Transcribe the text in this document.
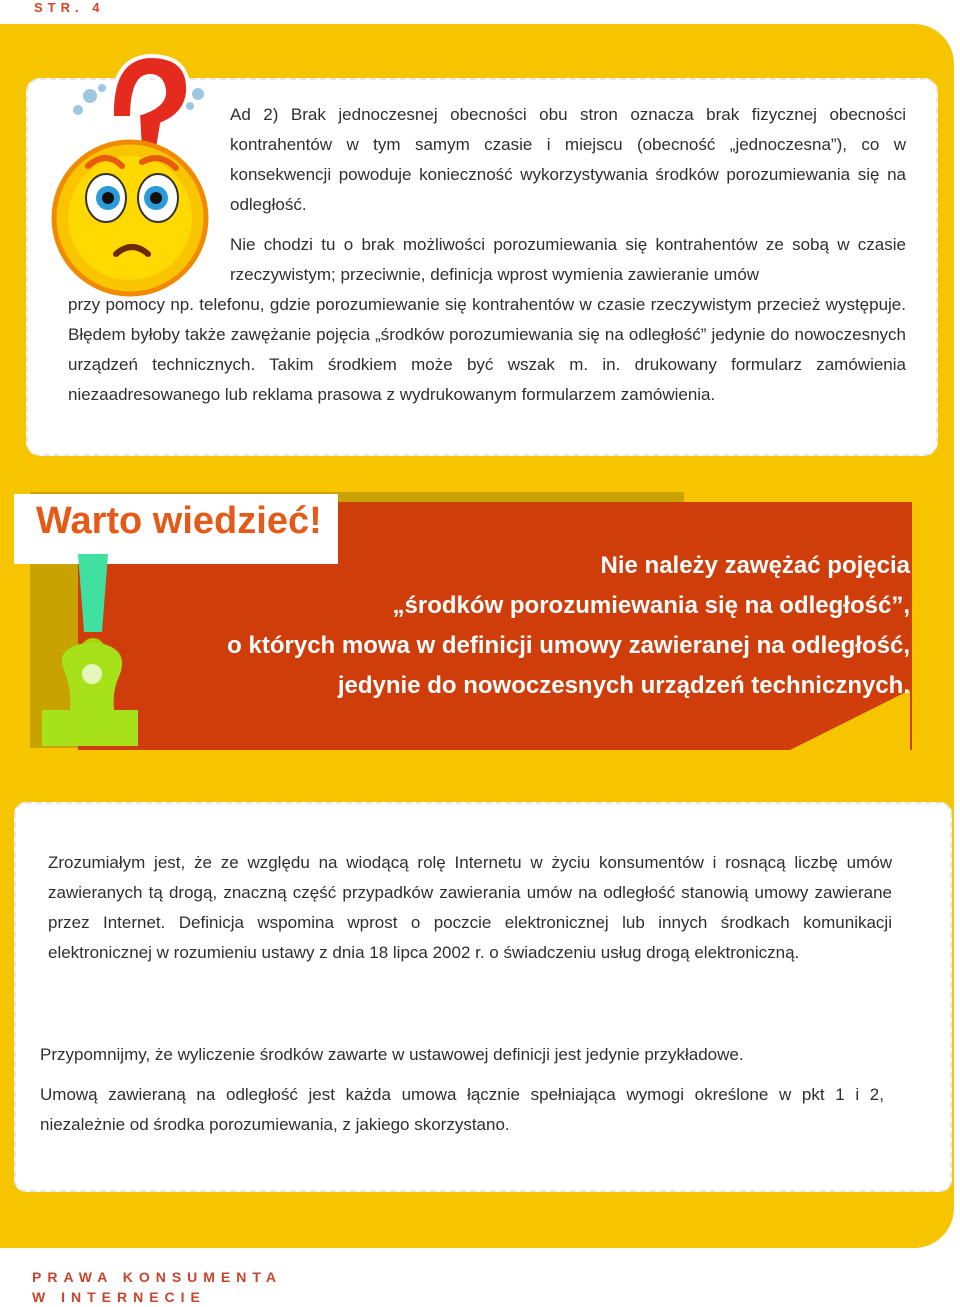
STR. 4
Ad 2) Brak jednoczesnej obecności obu stron oznacza brak fizycznej obecności kontrahentów w tym samym czasie i miejscu (obecność „jednoczesna”), co w konsekwencji powoduje konieczność wykorzystywania środków porozumiewania się na odległość.
Nie chodzi tu o brak możliwości porozumiewania się kontrahentów ze sobą w czasie rzeczywistym; przeciwnie, definicja wprost wymienia zawieranie umów
przy pomocy np. telefonu, gdzie porozumiewanie się kontrahentów w czasie rzeczywistym przecież występuje. Błędem byłoby także zawężanie pojęcia „środków porozumiewania się na odległość” jedynie do nowoczesnych urządzeń technicznych. Takim środkiem może być wszak m. in. drukowany formularz zamówienia niezaadresowanego lub reklama prasowa z wydrukowanym formularzem zamówienia.
Warto wiedzieć!
Nie należy zawężać pojęcia
„środków porozumiewania się na odległość”,
o których mowa w definicji umowy zawieranej na odległość,
jedynie do nowoczesnych urządzeń technicznych.
Zrozumiałym jest, że ze względu na wiodącą rolę Internetu w życiu konsumentów i rosnącą liczbę umów zawieranych tą drogą, znaczną część przypadków zawierania umów na odległość stanowią umowy zawierane przez Internet. Definicja wspomina wprost o poczcie elektronicznej lub innych środkach komunikacji elektronicznej w rozumieniu ustawy z dnia 18 lipca 2002 r. o świadczeniu usług drogą elektroniczną.
Przypomnijmy, że wyliczenie środków zawarte w ustawowej definicji jest jedynie przykładowe.
Umową zawieraną na odległość jest każda umowa łącznie spełniająca wymogi określone w pkt 1 i 2, niezależnie od środka porozumiewania, z jakiego skorzystano.
PRAWA KONSUMENTA
W INTERNECIE
